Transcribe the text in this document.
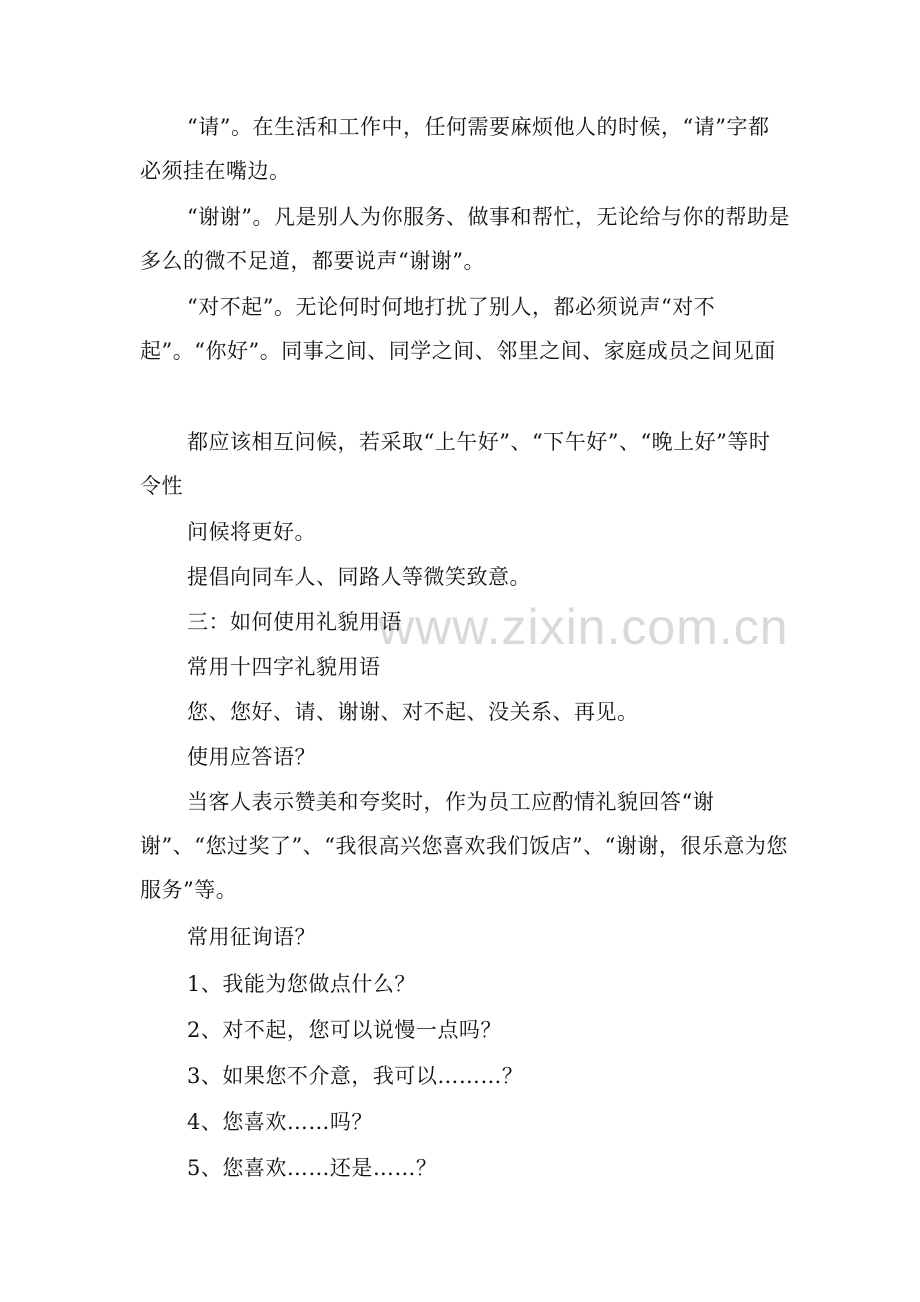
www.zixin.com.cn

“请”。在生活和工作中，任何需要麻烦他人的时候，“请”字都必须挂在嘴边。

“谢谢”。凡是别人为你服务、做事和帮忙，无论给与你的帮助是多么的微不足道，都要说声“谢谢”。

“对不起”。无论何时何地打扰了别人，都必须说声“对不起”。“你好”。同事之间、同学之间、邻里之间、家庭成员之间见面

都应该相互问候，若采取“上午好”、“下午好”、“晚上好”等时令性

问候将更好。

提倡向同车人、同路人等微笑致意。

三：如何使用礼貌用语

常用十四字礼貌用语

您、您好、请、谢谢、对不起、没关系、再见。

使用应答语？

当客人表示赞美和夸奖时，作为员工应酌情礼貌回答“谢谢”、“您过奖了”、“我很高兴您喜欢我们饭店”、“谢谢，很乐意为您服务”等。

常用征询语？

1、我能为您做点什么？

2、对不起，您可以说慢一点吗？

3、如果您不介意，我可以………？

4、您喜欢……吗？

5、您喜欢……还是……？
